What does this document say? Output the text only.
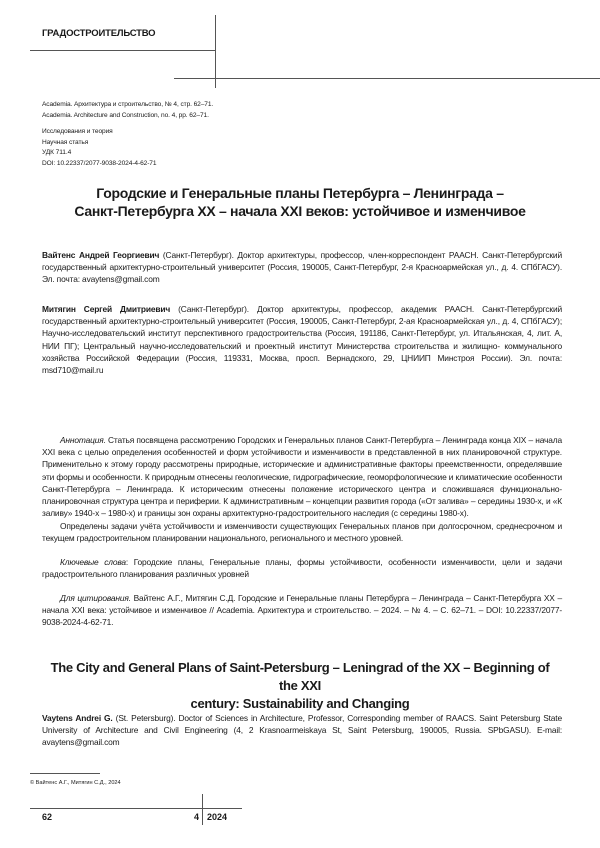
ГРАДОСТРОИТЕЛЬСТВО
Academia. Архитектура и строительство, № 4, стр. 62–71.
Academia. Architecture and Construction, no. 4, pp. 62–71.
Исследования и теория
Научная статья
УДК 711.4
DOI: 10.22337/2077-9038-2024-4-62-71
Городские и Генеральные планы Петербурга – Ленинграда –
Санкт-Петербурга XX – начала XXI веков: устойчивое и изменчивое
Вайтенс Андрей Георгиевич (Санкт-Петербург). Доктор архитектуры, профессор, член-корреспондент РААСН. Санкт-Петербургский государственный архитектурно-строительный университет (Россия, 190005, Санкт-Петербург, 2-я Красноармейская ул., д. 4. СПбГАСУ). Эл. почта: avaytens@gmail.com
Митягин Сергей Дмитриевич (Санкт-Петербург). Доктор архитектуры, профессор, академик РААСН. Санкт-Петербургский государственный архитектурно-строительный университет (Россия, 190005, Санкт-Петербург, 2-ая Красноармейская ул., д. 4, СПбГАСУ); Научно-исследовательский институт перспективного градостроительства (Россия, 191186, Санкт-Петербург, ул. Итальянская, 4, лит. А, НИИ ПГ); Центральный научно-исследовательский и проектный институт Министерства строительства и жилищно- коммунального хозяйства Российской Федерации (Россия, 119331, Москва, просп. Вернадского, 29, ЦНИИП Минстроя России). Эл. почта: msd710@mail.ru
Аннотация. Статья посвящена рассмотрению Городских и Генеральных планов Санкт-Петербурга – Ленинграда конца XIX – начала XXI века с целью определения особенностей и форм устойчивости и изменчивости в представленной в них планировочной структуре. Применительно к этому городу рассмотрены природные, исторические и административные факторы преемственности, определявшие эти формы и особенности. К природным отнесены геологические, гидрографические, геоморфологические и климатические особенности Санкт-Петербурга – Ленинграда. К историческим отнесены положение исторического центра и сложившаяся функционально-планировочная структура центра и периферии. К административным – концепции развития города («От залива» – середины 1930-х, и «К заливу» 1940-х – 1980-х) и границы зон охраны архитектурно-градостроительного наследия (с середины 1980-х).
Определены задачи учёта устойчивости и изменчивости существующих Генеральных планов при долгосрочном, среднесрочном и текущем градостроительном планировании национального, регионального и местного уровней.
Ключевые слова: Городские планы, Генеральные планы, формы устойчивости, особенности изменчивости, цели и задачи градостроительного планирования различных уровней
Для цитирования. Вайтенс А.Г., Митягин С.Д. Городские и Генеральные планы Петербурга – Ленинграда – Санкт-Петербурга XX – начала XXI века: устойчивое и изменчивое // Academia. Архитектура и строительство. – 2024. – № 4. – С. 62–71. – DOI: 10.22337/2077-9038-2024-4-62-71.
The City and General Plans of Saint-Petersburg – Leningrad of the XX – Beginning of the XXI
century: Sustainability and Changing
Vaytens Andrei G. (St. Petersburg). Doctor of Sciences in Architecture, Professor, Corresponding member of RAACS. Saint Petersburg State University of Architecture and Civil Engineering (4, 2 Krasnoarmeiskaya St, Saint Petersburg, 190005, Russia. SPbGASU). E-mail: avaytens@gmail.com
© Вайтенс А.Г., Митягин С.Д., 2024
62	4 2024
